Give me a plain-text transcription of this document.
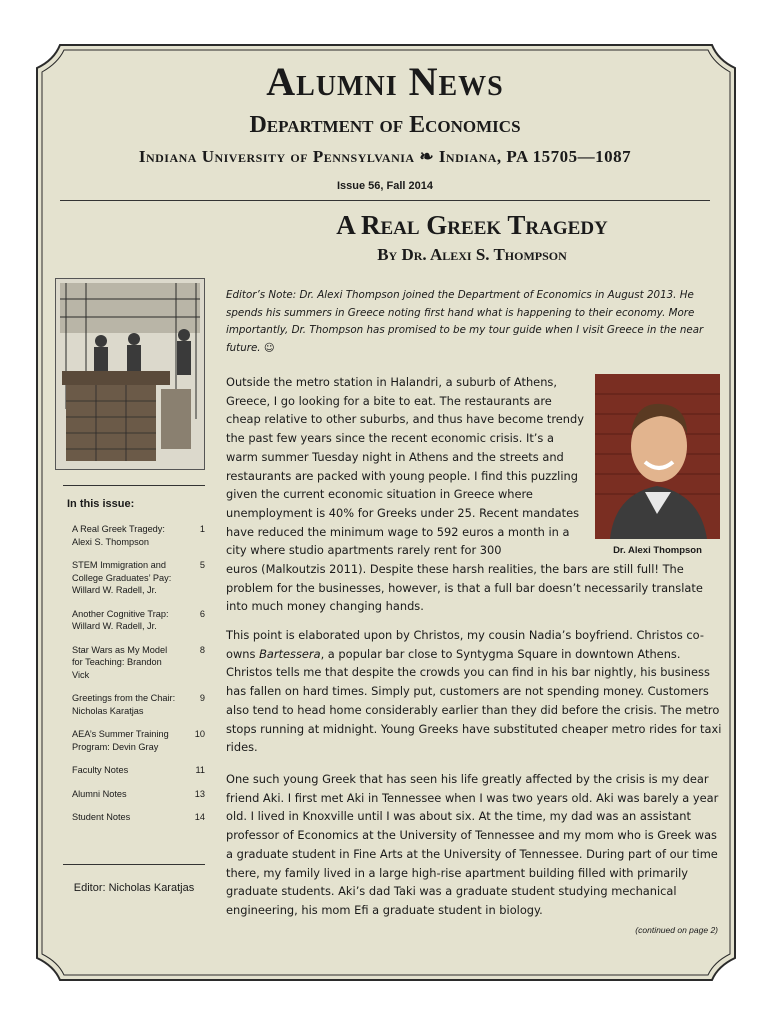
Alumni News
Department of Economics
Indiana University of Pennsylvania ❧ Indiana, PA 15705—1087
Issue 56, Fall 2014
A Real Greek Tragedy
By Dr. Alexi S. Thompson

Editor’s Note: Dr. Alexi Thompson joined the Department of Economics in August 2013. He spends his summers in Greece noting first hand what is happening to their economy. More importantly, Dr. Thompson has promised to be my tour guide when I visit Greece in the near future. ☺

Dr. Alexi Thompson

Outside the metro station in Halandri, a suburb of Athens, Greece, I go looking for a bite to eat. The restaurants are cheap relative to other suburbs, and thus have become trendy the past few years since the recent economic crisis. It’s a warm summer Tuesday night in Athens and the streets and restaurants are packed with young people. I find this puzzling given the current economic situation in Greece where unemployment is 40% for Greeks under 25. Recent mandates have reduced the minimum wage to 592 euros a month in a city where studio apartments rarely rent for 300

euros (Malkoutzis 2011). Despite these harsh realities, the bars are still full! The problem for the businesses, however, is that a full bar doesn’t necessarily translate into much money changing hands.

This point is elaborated upon by Christos, my cousin Nadia’s boyfriend. Christos co-owns Bartessera, a popular bar close to Syntygma Square in downtown Athens. Christos tells me that despite the crowds you can find in his bar nightly, his business has fallen on hard times. Simply put, customers are not spending money. Customers also tend to head home considerably earlier than they did before the crisis. The metro stops running at midnight. Young Greeks have substituted cheaper metro rides for taxi rides.

One such young Greek that has seen his life greatly affected by the crisis is my dear friend Aki. I first met Aki in Tennessee when I was two years old. Aki was barely a year old. I lived in Knoxville until I was about six. At the time, my dad was an assistant professor of Economics at the University of Tennessee and my mom who is Greek was a graduate student in Fine Arts at the University of Tennessee. During part of our time there, my family lived in a large high‑rise apartment building filled with primarily graduate students. Aki’s dad Taki was a graduate student studying mechanical engineering, his mom Efi a graduate student in biology.

(continued on page 2)
In this issue:
A Real Greek Tragedy: Alexi S. Thompson
1
STEM Immigration and College Graduates’ Pay: Willard W. Radell, Jr.
5
Another Cognitive Trap: Willard W. Radell, Jr.
6
Star Wars as My Model for Teaching: Brandon Vick
8
Greetings from the Chair: Nicholas Karatjas
9
AEA’s Summer Training Program: Devin Gray
10
Faculty Notes	11
Alumni Notes	13
Student Notes	14
Editor: Nicholas Karatjas
